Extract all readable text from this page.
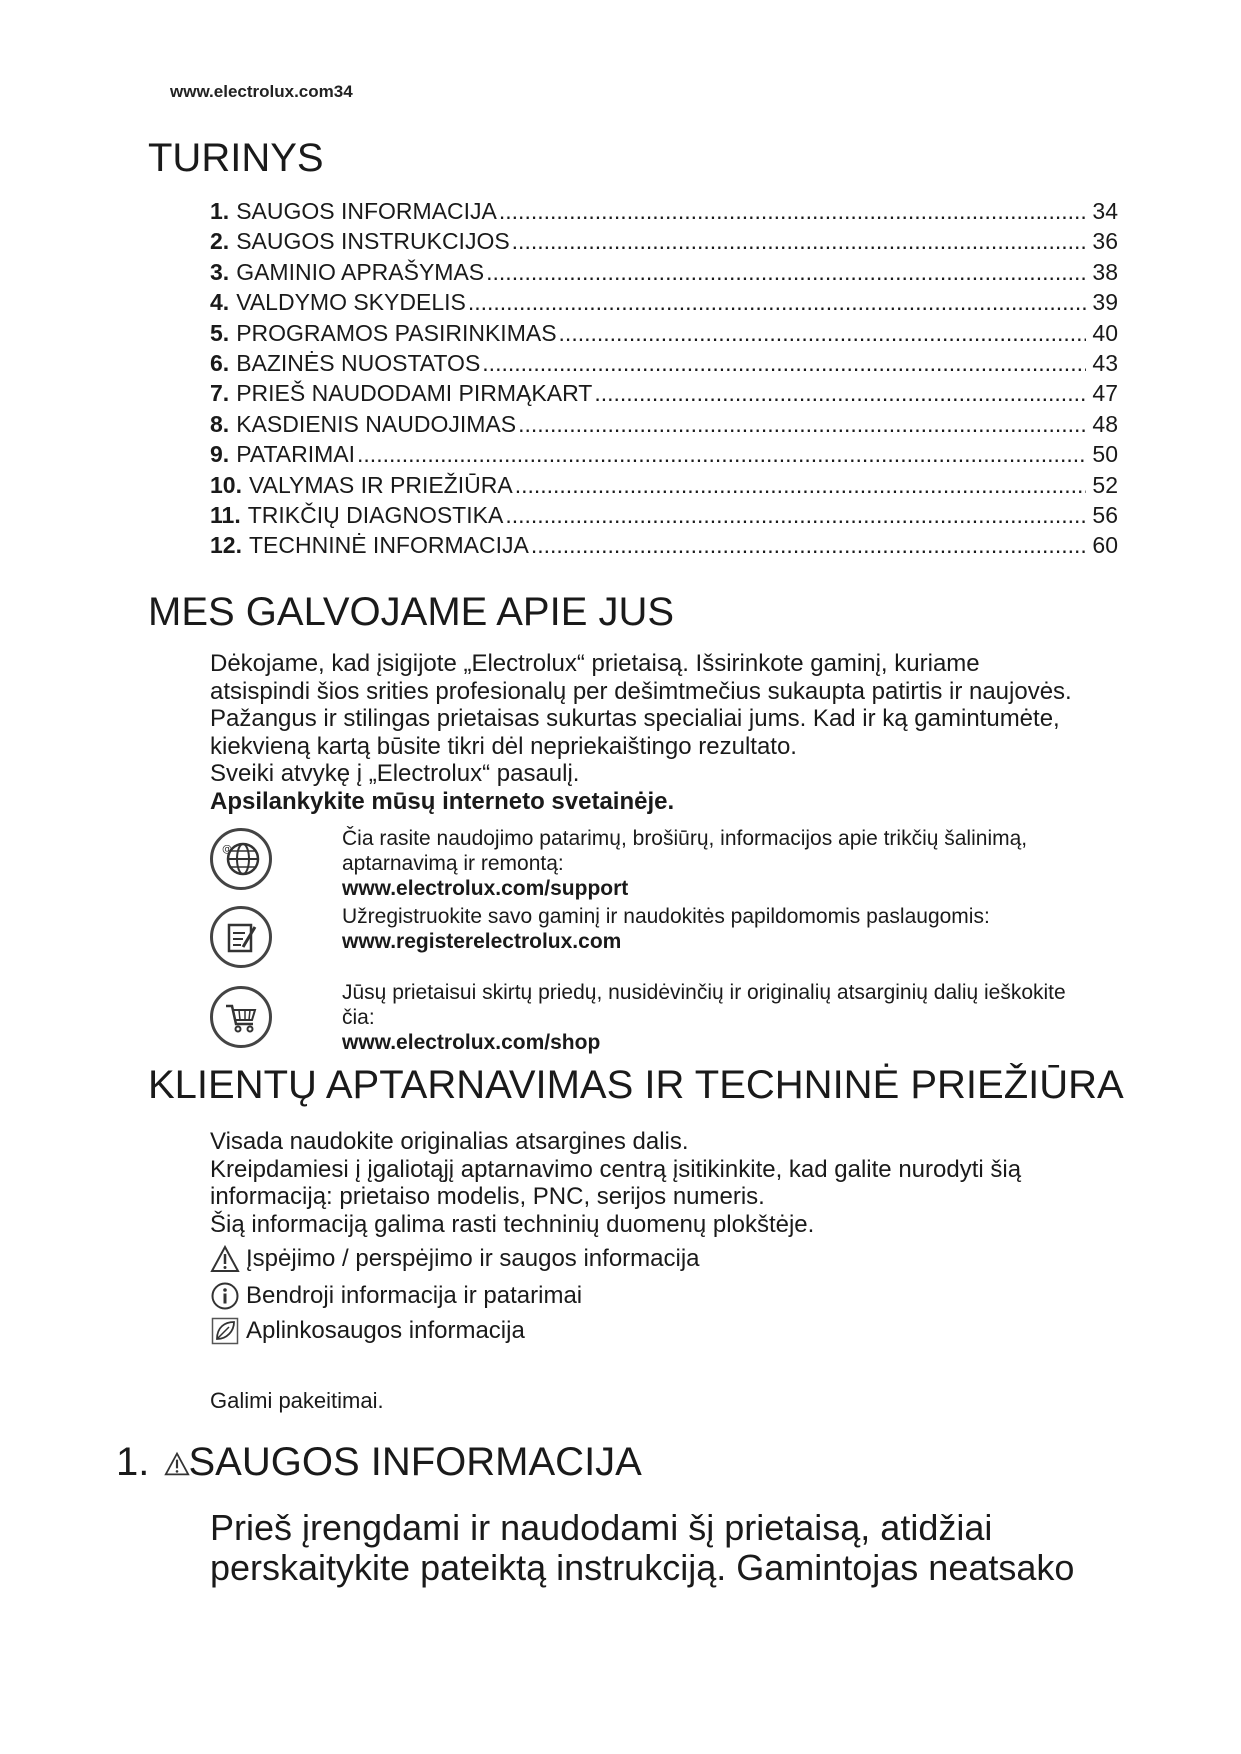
www.electrolux.com34
TURINYS
1. SAUGOS INFORMACIJA .....	34
2. SAUGOS INSTRUKCIJOS .....	36
3. GAMINIO APRAŠYMAS .....	38
4. VALDYMO SKYDELIS .....	39
5. PROGRAMOS PASIRINKIMAS .....	40
6. BAZINĖS NUOSTATOS .....	43
7. PRIEŠ NAUDODAMI PIRMĄKART .....	47
8. KASDIENIS NAUDOJIMAS .....	48
9. PATARIMAI .....	50
10. VALYMAS IR PRIEŽIŪRA .....	52
11. TRIKČIŲ DIAGNOSTIKA .....	56
12. TECHNINĖ INFORMACIJA .....	60
MES GALVOJAME APIE JUS

Dėkojame, kad įsigijote „Electrolux“ prietaisą. Išsirinkote gaminį, kuriame

atsispindi šios srities profesionalų per dešimtmečius sukaupta patirtis ir naujovės.

Pažangus ir stilingas prietaisas sukurtas specialiai jums. Kad ir ką gamintumėte,

kiekvieną kartą būsite tikri dėl nepriekaištingo rezultato.

Sveiki atvykę į „Electrolux“ pasaulį.

Apsilankykite mūsų interneto svetainėje.

@	Čia rasite naudojimo patarimų, brošiūrų, informacijos apie trikčių šalinimą,

aptarnavimą ir remontą:

www.electrolux.com/support

Užregistruokite savo gaminį ir naudokitės papildomomis paslaugomis:

www.registerelectrolux.com

Jūsų prietaisui skirtų priedų, nusidėvinčių ir originalių atsarginių dalių ieškokite

čia:

www.electrolux.com/shop

KLIENTŲ APTARNAVIMAS IR TECHNINĖ PRIEŽIŪRA

Visada naudokite originalias atsargines dalis.

Kreipdamiesi į įgaliotąjį aptarnavimo centrą įsitikinkite, kad galite nurodyti šią

informaciją: prietaiso modelis, PNC, serijos numeris.

Šią informaciją galima rasti techninių duomenų plokštėje.

Įspėjimo / perspėjimo ir saugos informacija
Bendroji informacija ir patarimai
Aplinkosaugos informacija
Galimi pakeitimai.
1. SAUGOS INFORMACIJA
Prieš įrengdami ir naudodami šį prietaisą, atidžiai
perskaitykite pateiktą instrukciją. Gamintojas neatsako
